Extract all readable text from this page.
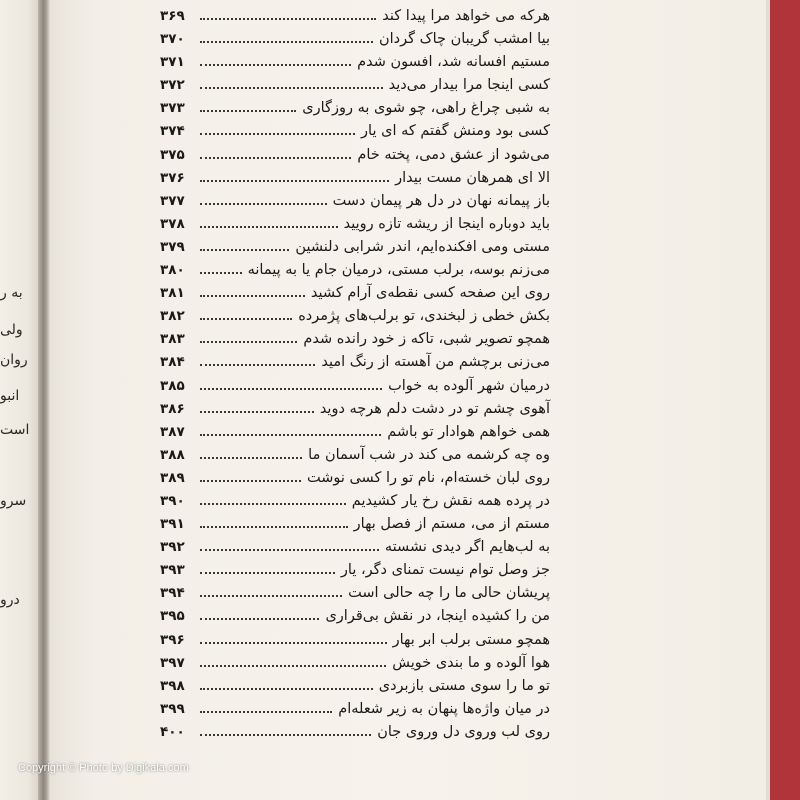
به ر
ولی
روان
انبو
است
سرو
درو
هرکه می خواهد مرا پیدا کند
۳۶۹
بیا امشب گریبان چاک گردان
۳۷۰
مستیم افسانه شد، افسون شدم
۳۷۱
کسی اینجا مرا بیدار می‌دید
۳۷۲
به شبی چراغ راهی، چو شوی به روزگاری
۳۷۳
کسی بود ومنش گفتم که ای یار
۳۷۴
می‌شود از عشق دمی، پخته خام
۳۷۵
الا ای همرهان مست بیدار
۳۷۶
باز پیمانه نهان در دل هر پیمان دست
۳۷۷
باید دوباره اینجا از ریشه تازه رویید
۳۷۸
مستی ومی افکنده‌ایم، اندر شرابی دلنشین
۳۷۹
می‌زنم بوسه، برلب مستی، درمیان جام یا به پیمانه
۳۸۰
روی این صفحه کسی نقطه‌ی آرام کشید
۳۸۱
بکش خطی ز لبخندی، تو برلب‌های پژمرده
۳۸۲
همچو تصویر شبی، تاکه ز خود رانده شدم
۳۸۳
می‌زنی برچشم من آهسته از رنگ امید
۳۸۴
درمیان شهر آلوده به خواب
۳۸۵
آهوی چشم تو در دشت دلم هرچه دوید
۳۸۶
همی خواهم هوادار تو باشم
۳۸۷
وه چه کرشمه می کند در شب آسمان ما
۳۸۸
روی لبان خسته‌ام، نام تو را کسی نوشت
۳۸۹
در پرده همه نقش رخ یار کشیدیم
۳۹۰
مستم از می، مستم از فصل بهار
۳۹۱
به لب‌هایم اگر دیدی نشسته
۳۹۲
جز وصل توام نیست تمنای دگر، یار
۳۹۳
پریشان حالی ما را چه حالی است
۳۹۴
من را کشیده اینجا، در نقش بی‌قراری
۳۹۵
همچو مستی برلب ابر بهار
۳۹۶
هوا آلوده و ما بندی خویش
۳۹۷
تو ما را سوی مستی بازبردی
۳۹۸
در میان واژه‌ها پنهان به زیر شعله‌ام
۳۹۹
روی لب وروی دل وروی جان
۴۰۰
Copyright © Photo by Digikala.com
